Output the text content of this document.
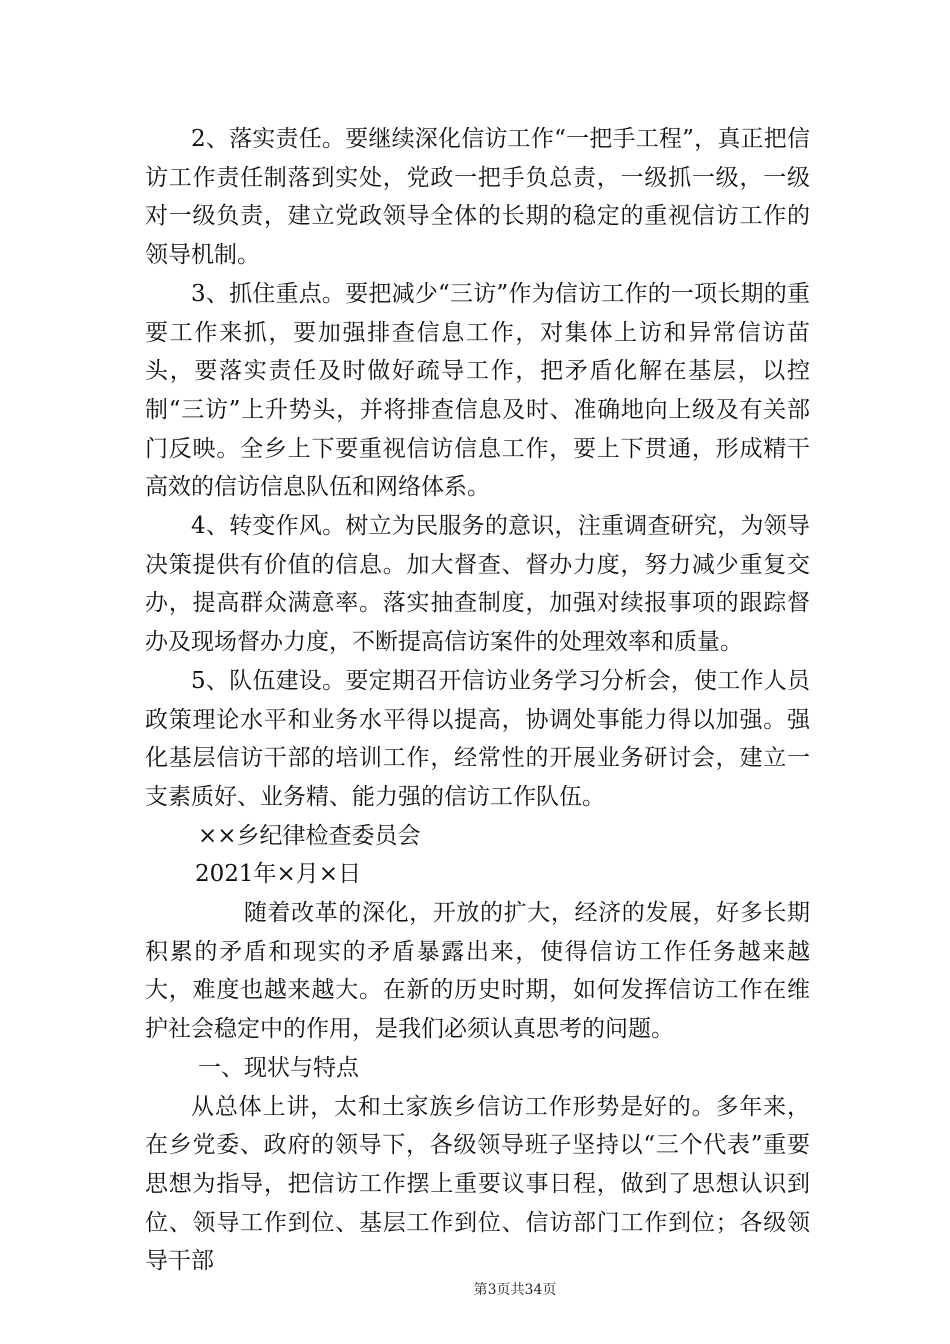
2、落实责任。要继续深化信访工作“一把手工程”，真正把信访工作责任制落到实处，党政一把手负总责，一级抓一级，一级对一级负责，建立党政领导全体的长期的稳定的重视信访工作的领导机制。

3、抓住重点。要把减少“三访”作为信访工作的一项长期的重要工作来抓，要加强排查信息工作，对集体上访和异常信访苗头，要落实责任及时做好疏导工作，把矛盾化解在基层，以控制“三访”上升势头，并将排查信息及时、准确地向上级及有关部门反映。全乡上下要重视信访信息工作，要上下贯通，形成精干高效的信访信息队伍和网络体系。

4、转变作风。树立为民服务的意识，注重调查研究，为领导决策提供有价值的信息。加大督查、督办力度，努力减少重复交办，提高群众满意率。落实抽查制度，加强对续报事项的跟踪督办及现场督办力度，不断提高信访案件的处理效率和质量。

5、队伍建设。要定期召开信访业务学习分析会，使工作人员政策理论水平和业务水平得以提高，协调处事能力得以加强。强化基层信访干部的培训工作，经常性的开展业务研讨会，建立一支素质好、业务精、能力强的信访工作队伍。

××乡纪律检查委员会

2021年×月×日

随着改革的深化，开放的扩大，经济的发展，好多长期积累的矛盾和现实的矛盾暴露出来，使得信访工作任务越来越大，难度也越来越大。在新的历史时期，如何发挥信访工作在维护社会稳定中的作用，是我们必须认真思考的问题。

一、现状与特点

从总体上讲，太和土家族乡信访工作形势是好的。多年来，在乡党委、政府的领导下，各级领导班子坚持以“三个代表”重要思想为指导，把信访工作摆上重要议事日程，做到了思想认识到位、领导工作到位、基层工作到位、信访部门工作到位；各级领导干部

第3页共34页
